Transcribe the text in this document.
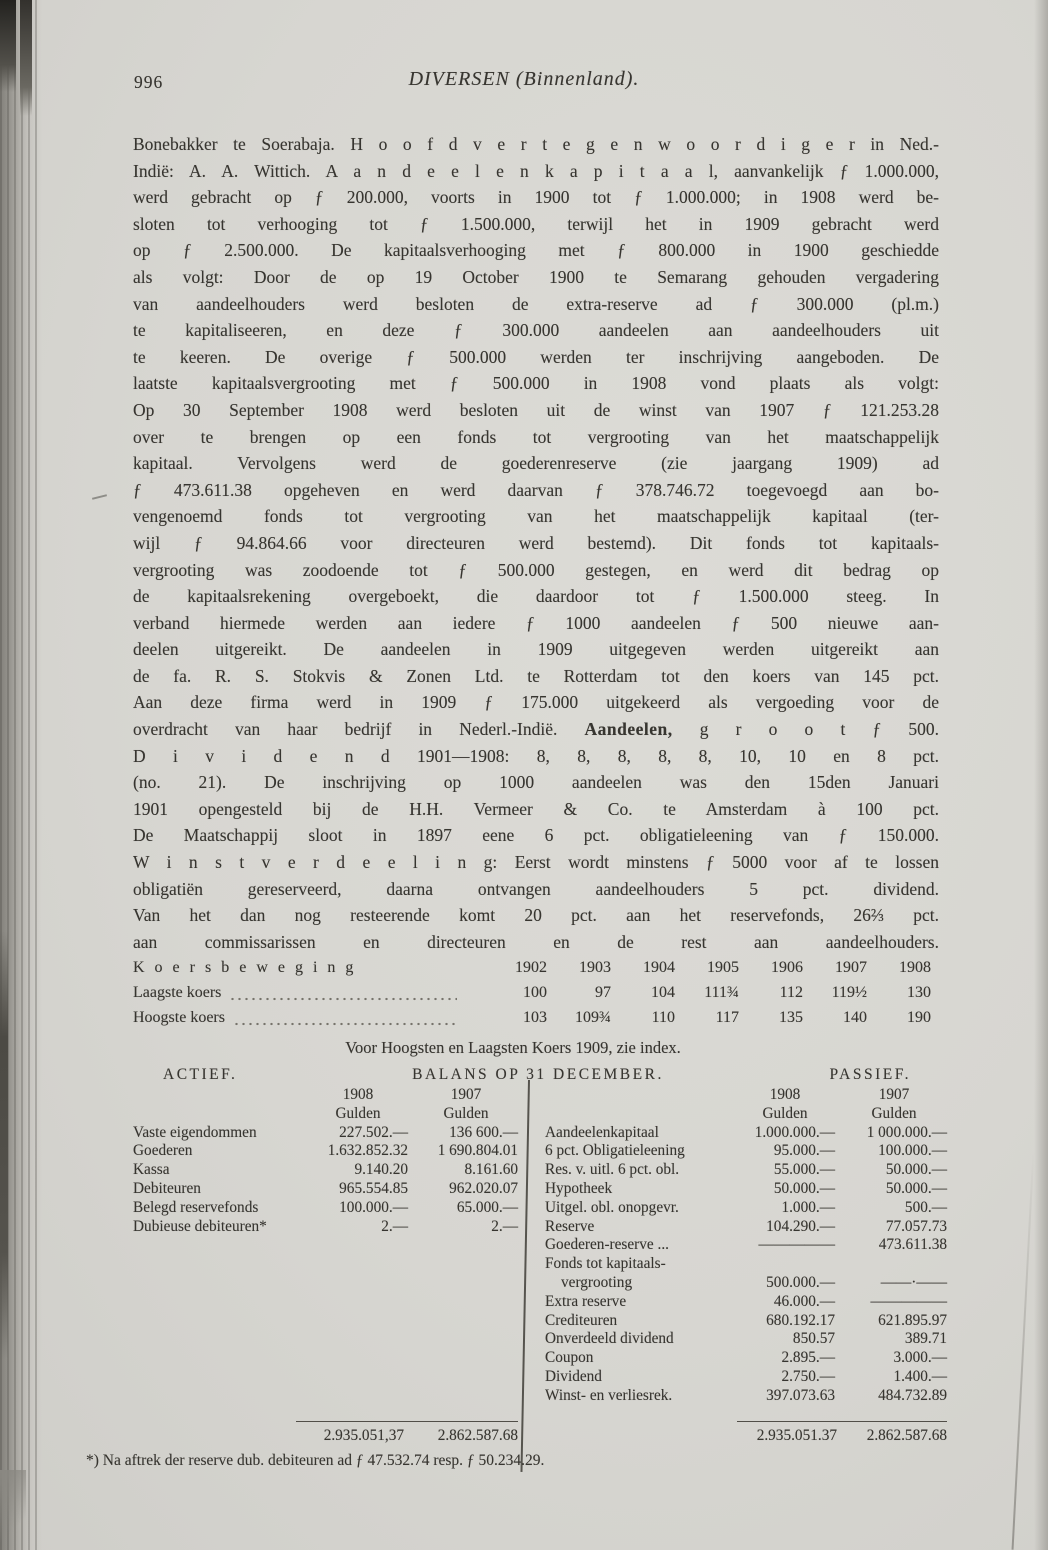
996	DIVERSEN (Binnenland).
Bonebakker te Soerabaja. H o o f d v e r t e g e n w o o r d i g e r in Ned.-
Indië: A. A. Wittich. A a n d e e l e n k a p i t a a l, aanvankelijk ƒ 1.000.000,
werd gebracht op ƒ 200.000, voorts in 1900 tot ƒ 1.000.000; in 1908 werd be-
sloten tot verhooging tot ƒ 1.500.000, terwijl het in 1909 gebracht werd
op ƒ 2.500.000. De kapitaalsverhooging met ƒ 800.000 in 1900 geschiedde
als volgt: Door de op 19 October 1900 te Semarang gehouden vergadering
van aandeelhouders werd besloten de extra-reserve ad ƒ 300.000 (pl.m.)
te kapitaliseeren, en deze ƒ 300.000 aandeelen aan aandeelhouders uit
te keeren. De overige ƒ 500.000 werden ter inschrijving aangeboden. De
laatste kapitaalsvergrooting met ƒ 500.000 in 1908 vond plaats als volgt:
Op 30 September 1908 werd besloten uit de winst van 1907 ƒ 121.253.28
over te brengen op een fonds tot vergrooting van het maatschappelijk
kapitaal. Vervolgens werd de goederenreserve (zie jaargang 1909) ad
ƒ 473.611.38 opgeheven en werd daarvan ƒ 378.746.72 toegevoegd aan bo-
vengenoemd fonds tot vergrooting van het maatschappelijk kapitaal (ter-
wijl ƒ 94.864.66 voor directeuren werd bestemd). Dit fonds tot kapitaals-
vergrooting was zoodoende tot ƒ 500.000 gestegen, en werd dit bedrag op
de kapitaalsrekening overgeboekt, die daardoor tot ƒ 1.500.000 steeg. In
verband hiermede werden aan iedere ƒ 1000 aandeelen ƒ 500 nieuwe aan-
deelen uitgereikt. De aandeelen in 1909 uitgegeven werden uitgereikt aan
de fa. R. S. Stokvis & Zonen Ltd. te Rotterdam tot den koers van 145 pct.
Aan deze firma werd in 1909 ƒ 175.000 uitgekeerd als vergoeding voor de
overdracht van haar bedrijf in Nederl.-Indië. Aandeelen, g r o o t ƒ 500.
D i v i d e n d 1901—1908: 8, 8, 8, 8, 8, 10, 10 en 8 pct.
(no. 21). De inschrijving op 1000 aandeelen was den 15den Januari
1901 opengesteld bij de H.H. Vermeer & Co. te Amsterdam à 100 pct.
De Maatschappij sloot in 1897 eene 6 pct. obligatieleening van ƒ 150.000.
W i n s t v e r d e e l i n g: Eerst wordt minstens ƒ 5000 voor af te lossen
obligatiën gereserveerd, daarna ontvangen aandeelhouders 5 pct. dividend.
Van het dan nog resteerende komt 20 pct. aan het reservefonds, 26⅔ pct.
aan commissarissen en directeuren en de rest aan aandeelhouders.
K o e r s b e w e g i n g	1902	1903	1904	1905	1906	1907	1908
Laagste koers	100	97	104	111¾	112	119½	130
Hoogste koers	103	109¾	110	117	135	140	190
Voor Hoogsten en Laagsten Koers 1909, zie index.
ACTIEF.	BALANS OP 31 DECEMBER.	PASSIEF.
1908	1907
Gulden	Gulden
Vaste eigendommen	227.502.—	136 600.—
Goederen	1.632.852.32	1 690.804.01
Kassa	9.140.20	8.161.60
Debiteuren	965.554.85	962.020.07
Belegd reservefonds	100.000.—	65.000.—
Dubieuse debiteuren*	2.—	2.—
1908	1907
Gulden	Gulden
Aandeelenkapitaal	1.000.000.—	1 000.000.—
6 pct. Obligatieleening	95.000.—	100.000.—
Res. v. uitl. 6 pct. obl.	55.000.—	50.000.—
Hypotheek	50.000.—	50.000.—
Uitgel. obl. onopgevr.	1.000.—	500.—
Reserve	104.290.—	77.057.73
Goederen-reserve ...	—————	473.611.38
Fonds tot kapitaals-
vergrooting	500.000.—	——·——
Extra reserve	46.000.—	—————
Crediteuren	680.192.17	621.895.97
Onverdeeld dividend	850.57	389.71
Coupon	2.895.—	3.000.—
Dividend	2.750.—	1.400.—
Winst- en verliesrek.	397.073.63	484.732.89
2.935.051,37	2.862.587.68	2.935.051.37	2.862.587.68
*) Na aftrek der reserve dub. debiteuren ad ƒ 47.532.74 resp. ƒ 50.234.29.
